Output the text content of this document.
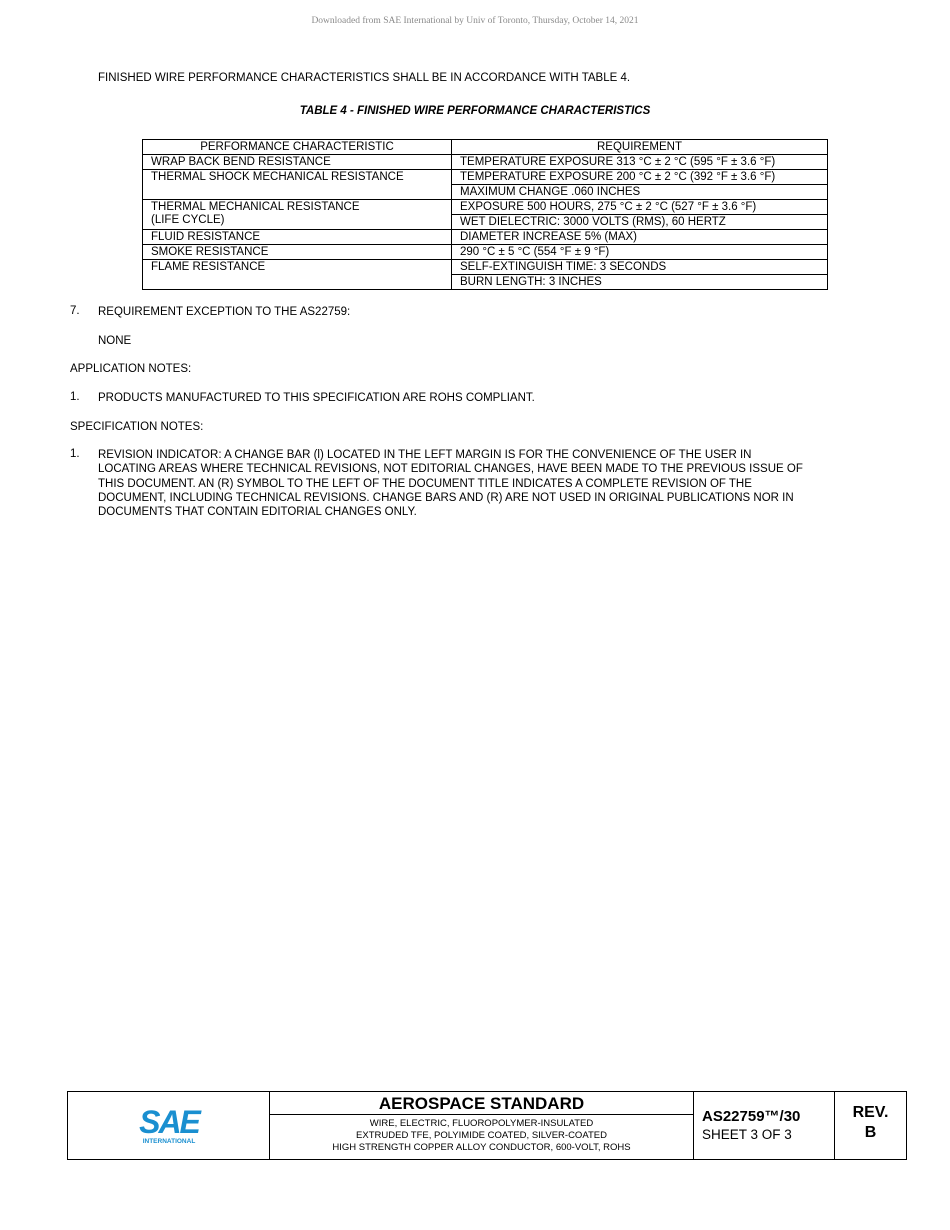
Downloaded from SAE International by Univ of Toronto, Thursday, October 14, 2021
FINISHED WIRE PERFORMANCE CHARACTERISTICS SHALL BE IN ACCORDANCE WITH TABLE 4.
TABLE 4 - FINISHED WIRE PERFORMANCE CHARACTERISTICS
PERFORMANCE CHARACTERISTIC	REQUIREMENT
WRAP BACK BEND RESISTANCE	TEMPERATURE EXPOSURE 313 °C ± 2 °C (595 °F ± 3.6 °F)
THERMAL SHOCK MECHANICAL RESISTANCE	TEMPERATURE EXPOSURE 200 °C ± 2 °C (392 °F ± 3.6 °F)
	MAXIMUM CHANGE .060 INCHES

THERMAL MECHANICAL RESISTANCE
(LIFE CYCLE)	EXPOSURE 500 HOURS, 275 °C ± 2 °C (527 °F ± 3.6 °F)
	WET DIELECTRIC: 3000 VOLTS (RMS), 60 HERTZ
FLUID RESISTANCE	DIAMETER INCREASE 5% (MAX)
SMOKE RESISTANCE	290 °C ± 5 °C (554 °F ± 9 °F)
FLAME RESISTANCE	SELF-EXTINGUISH TIME: 3 SECONDS
	BURN LENGTH: 3 INCHES
7. REQUIREMENT EXCEPTION TO THE AS22759:
NONE
APPLICATION NOTES:
1. PRODUCTS MANUFACTURED TO THIS SPECIFICATION ARE ROHS COMPLIANT.
SPECIFICATION NOTES:
1. REVISION INDICATOR: A CHANGE BAR (l) LOCATED IN THE LEFT MARGIN IS FOR THE CONVENIENCE OF THE USER IN
LOCATING AREAS WHERE TECHNICAL REVISIONS, NOT EDITORIAL CHANGES, HAVE BEEN MADE TO THE PREVIOUS ISSUE OF
THIS DOCUMENT. AN (R) SYMBOL TO THE LEFT OF THE DOCUMENT TITLE INDICATES A COMPLETE REVISION OF THE
DOCUMENT, INCLUDING TECHNICAL REVISIONS. CHANGE BARS AND (R) ARE NOT USED IN ORIGINAL PUBLICATIONS NOR IN
DOCUMENTS THAT CONTAIN EDITORIAL CHANGES ONLY.
SAE
INTERNATIONAL
AEROSPACE STANDARD
WIRE, ELECTRIC, FLUOROPOLYMER-INSULATED
EXTRUDED TFE, POLYIMIDE COATED, SILVER-COATED
HIGH STRENGTH COPPER ALLOY CONDUCTOR, 600-VOLT, ROHS
AS22759™/30
SHEET 3 OF 3
REV.
B
